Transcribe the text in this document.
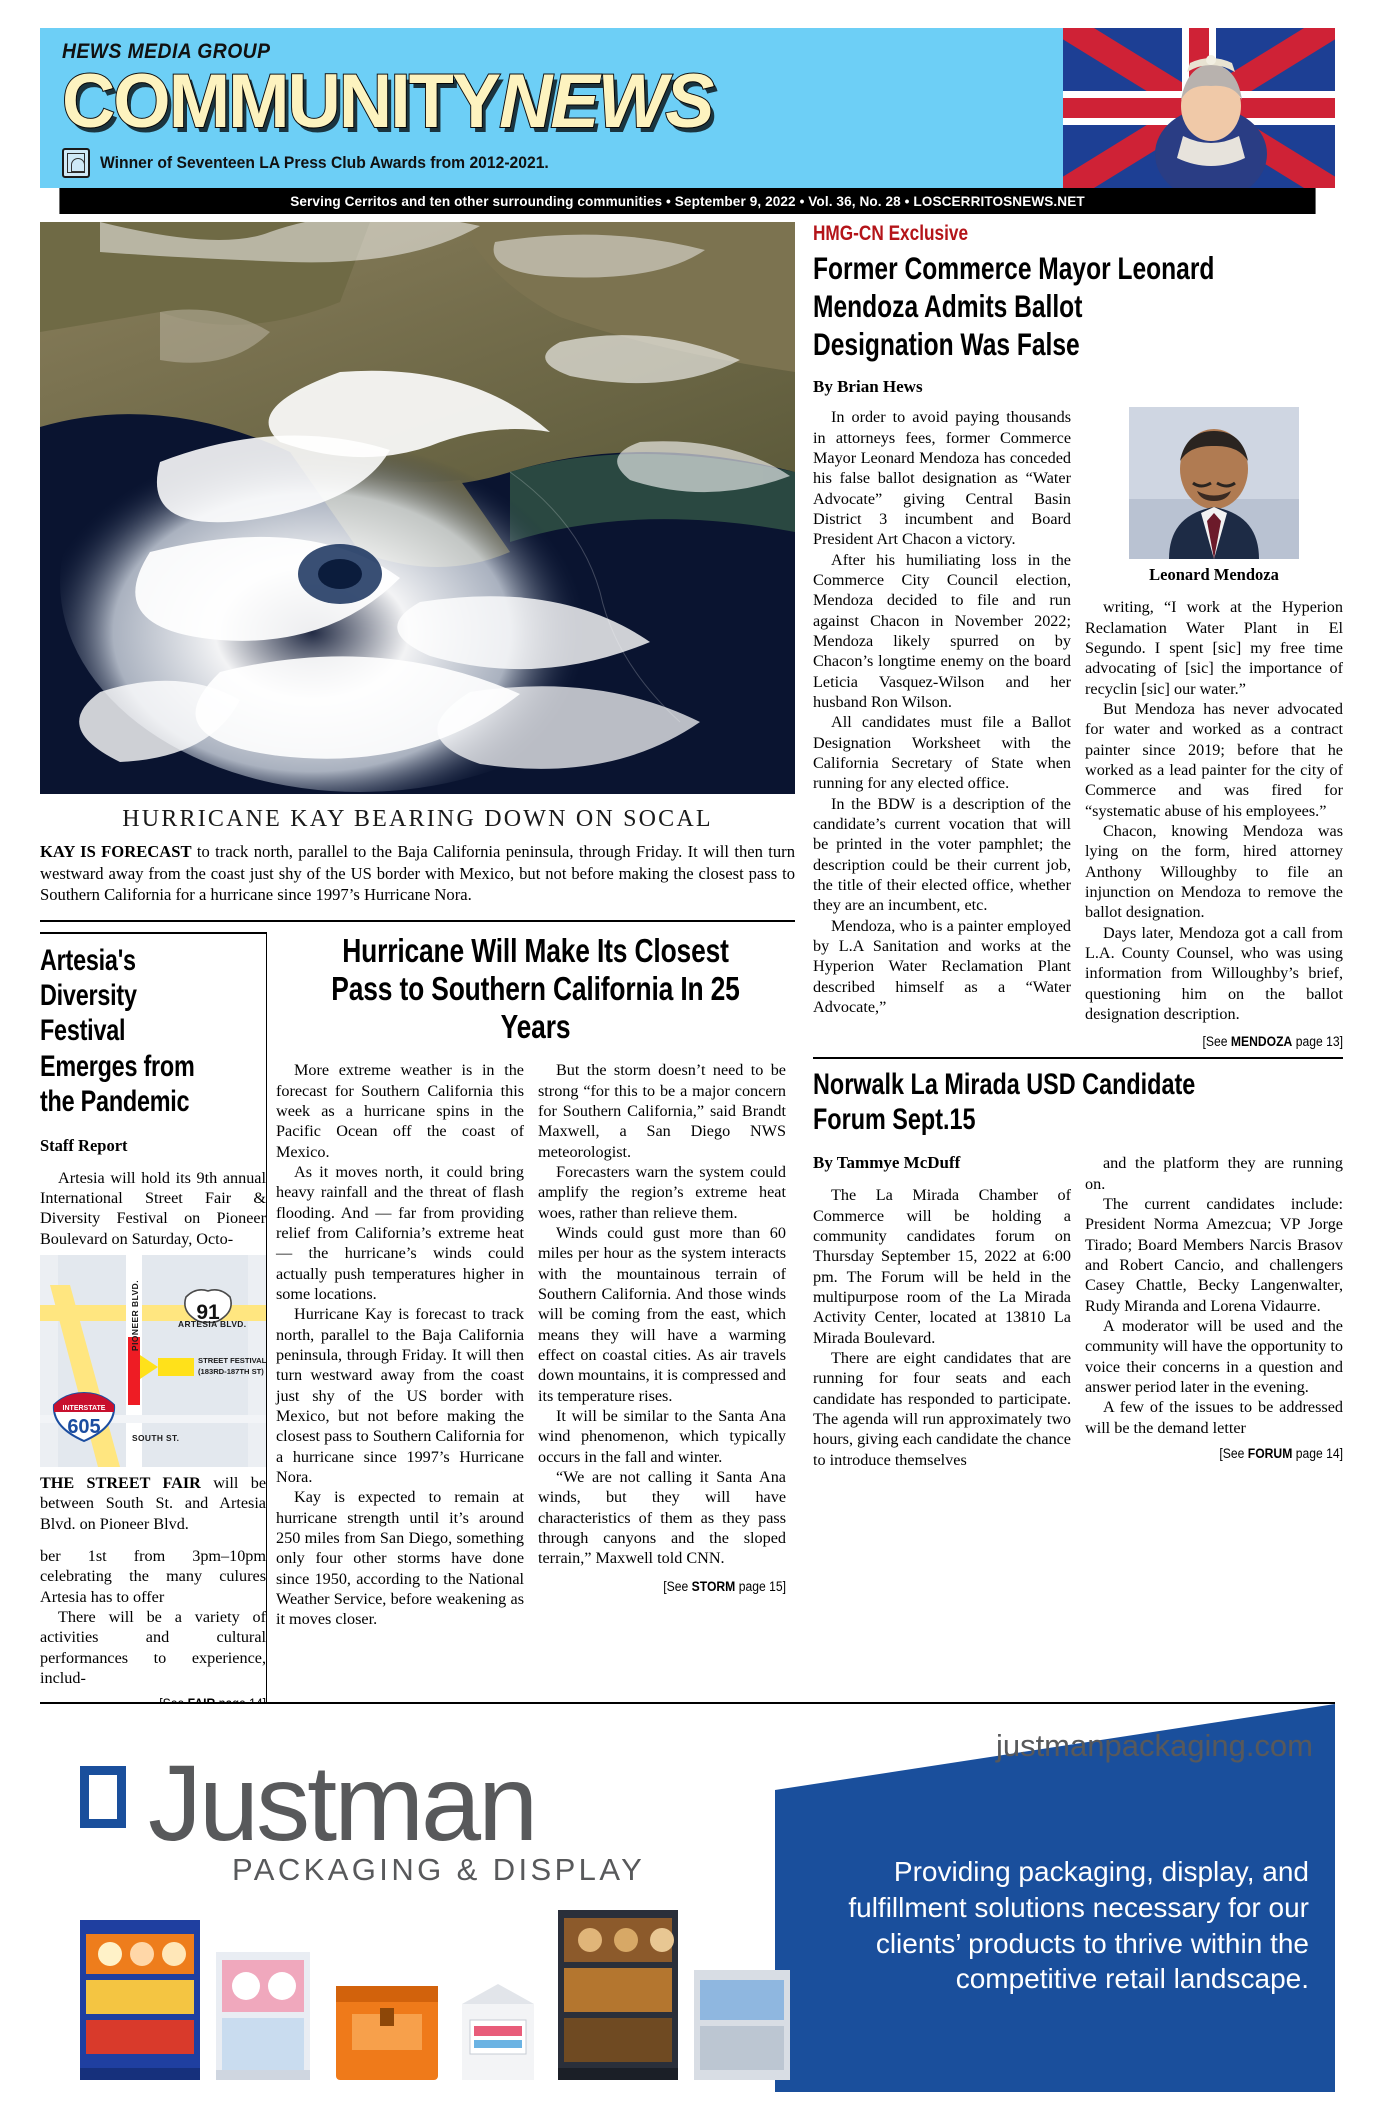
HEWS MEDIA GROUP
COMMUNITYNEWS
Winner of Seventeen LA Press Club Awards from 2012-2021.
Serving Cerritos and ten other surrounding communities • September 9, 2022 • Vol. 36, No. 28 • LOSCERRITOSNEWS.NET
HURRICANE KAY BEARING DOWN ON SOCAL
KAY IS FORECAST to track north, parallel to the Baja California peninsula, through Friday. It will then turn westward away from the coast just shy of the US border with Mexico, but not before making the closest pass to Southern California for a hurricane since 1997’s Hurricane Nora.
Artesia's Diversity Festival Emerges from the Pandemic
Staff Report

Artesia will hold its 9th annual International Street Fair & Diversity Festival on Pioneer Boulevard on Saturday, Octo-

91
INTERSTATE
605
ARTESIA BLVD.
PIONEER BLVD.
STREET FESTIVAL
(183RD-187TH ST)
SOUTH ST.

THE STREET FAIR will be between South St. and Artesia Blvd. on Pioneer Blvd.

ber 1st from 3pm–10pm celebrating the many culures Artesia has to offer

There will be a variety of activities and cultural performances to experience, includ-

Hurricane Will Make Its Closest Pass to Southern California In 25 Years

More extreme weather is in the forecast for Southern California this week as a hurricane spins in the Pacific Ocean off the coast of Mexico.

As it moves north, it could bring heavy rainfall and the threat of flash flooding. And — far from providing relief from California’s extreme heat — the hurricane’s winds could actually push temperatures higher in some locations.

Hurricane Kay is forecast to track north, parallel to the Baja California peninsula, through Friday. It will then turn westward away from the coast just shy of the US border with Mexico, but not before making the closest pass to Southern California for a hurricane since 1997’s Hurricane Nora.

Kay is expected to remain at hurricane strength until it’s around 250 miles from San Diego, something only four other storms have done since 1950, according to the National Weather Service, before weakening as it moves closer.

But the storm doesn’t need to be strong “for this to be a major concern for Southern California,” said Brandt Maxwell, a San Diego NWS meteorologist.

Forecasters warn the system could amplify the region’s extreme heat woes, rather than relieve them.

Winds could gust more than 60 miles per hour as the system interacts with the mountainous terrain of Southern California. And those winds will be coming from the east, which means they will have a warming effect on coastal cities. As air travels down mountains, it is compressed and its temperature rises.

It will be similar to the Santa Ana wind phenomenon, which typically occurs in the fall and winter.

“We are not calling it Santa Ana winds, but they will have characteristics of them as they pass through canyons and the sloped terrain,” Maxwell told CNN.

[See STORM page 15]
HMG-CN Exclusive
Former Commerce Mayor Leonard Mendoza Admits Ballot Designation Was False
By Brian Hews

In order to avoid paying thousands in attorneys fees, former Commerce Mayor Leonard Mendoza has conceded his false ballot designation as “Water Advocate” giving Central Basin District 3 incumbent and Board President Art Chacon a victory.

After his humiliating loss in the Commerce City Council election, Mendoza decided to file and run against Chacon in November 2022; Mendoza likely spurred on by Chacon’s longtime enemy on the board Leticia Vasquez-Wilson and her husband Ron Wilson.

All candidates must file a Ballot Designation Worksheet with the California Secretary of State when running for any elected office.

In the BDW is a description of the candidate’s current vocation that will be printed in the voter pamphlet; the description could be their current job, the title of their elected office, whether they are an incumbent, etc.

Mendoza, who is a painter employed by L.A Sanitation and works at the Hyperion Water Reclamation Plant described himself as a “Water Advocate,”

Leonard Mendoza

writing, “I work at the Hyperion Reclamation Water Plant in El Segundo. I spent [sic] my free time advocating of [sic] the importance of recyclin [sic] our water.”

But Mendoza has never advocated for water and worked as a contract painter since 2019; before that he worked as a lead painter for the city of Commerce and was fired for “systematic abuse of his employees.”

Chacon, knowing Mendoza was lying on the form, hired attorney Anthony Willoughby to file an injunction on Mendoza to remove the ballot designation.

Days later, Mendoza got a call from L.A. County Counsel, who was using information from Willoughby’s brief, questioning him on the ballot designation description.

[See MENDOZA page 13]
Norwalk La Mirada USD Candidate Forum Sept.15
By Tammye McDuff

The La Mirada Chamber of Commerce will be holding a community candidates forum on Thursday September 15, 2022 at 6:00 pm. The Forum will be held in the multipurpose room of the La Mirada Activity Center, located at 13810 La Mirada Boulevard.

There are eight candidates that are running for four seats and each candidate has responded to participate. The agenda will run approximately two hours, giving each candidate the chance to introduce themselves

and the platform they are running on.

The current candidates include: President Norma Amezcua; VP Jorge Tirado; Board Members Narcis Brasov and Robert Cancio, and challengers Casey Chattle, Becky Langenwalter, Rudy Miranda and Lorena Vidaurre.

A moderator will be used and the community will have the opportunity to voice their concerns in a question and answer period later in the evening.

A few of the issues to be addressed will be the demand letter

[See FORUM page 14]
Justman
PACKAGING & DISPLAY
justmanpackaging.com
Providing packaging, display, and fulfillment solutions necessary for our clients’ products to thrive within the competitive retail landscape.
